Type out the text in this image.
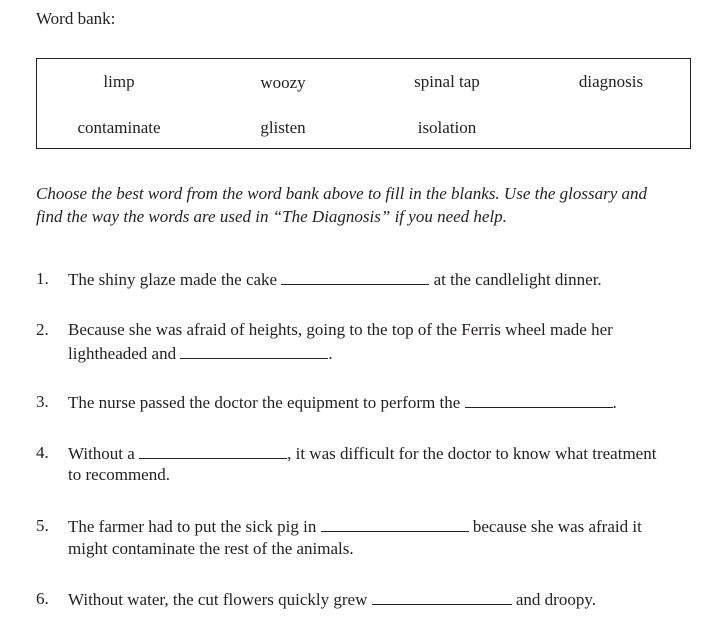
Word bank:
limp	woozy	spinal tap	diagnosis
contaminate	glisten	isolation
Choose the best word from the word bank above to fill in the blanks. Use the glossary and
find the way the words are used in “The Diagnosis” if you need help.
1. The shiny glaze made the cake	at the candlelight dinner.
2. Because she was afraid of heights, going to the top of the Ferris wheel made her
lightheaded and	.
3. The nurse passed the doctor the equipment to perform the	.
4. Without a	, it was difficult for the doctor to know what treatment
to recommend.
5. The farmer had to put the sick pig in	because she was afraid it
might contaminate the rest of the animals.
6. Without water, the cut flowers quickly grew	and droopy.
